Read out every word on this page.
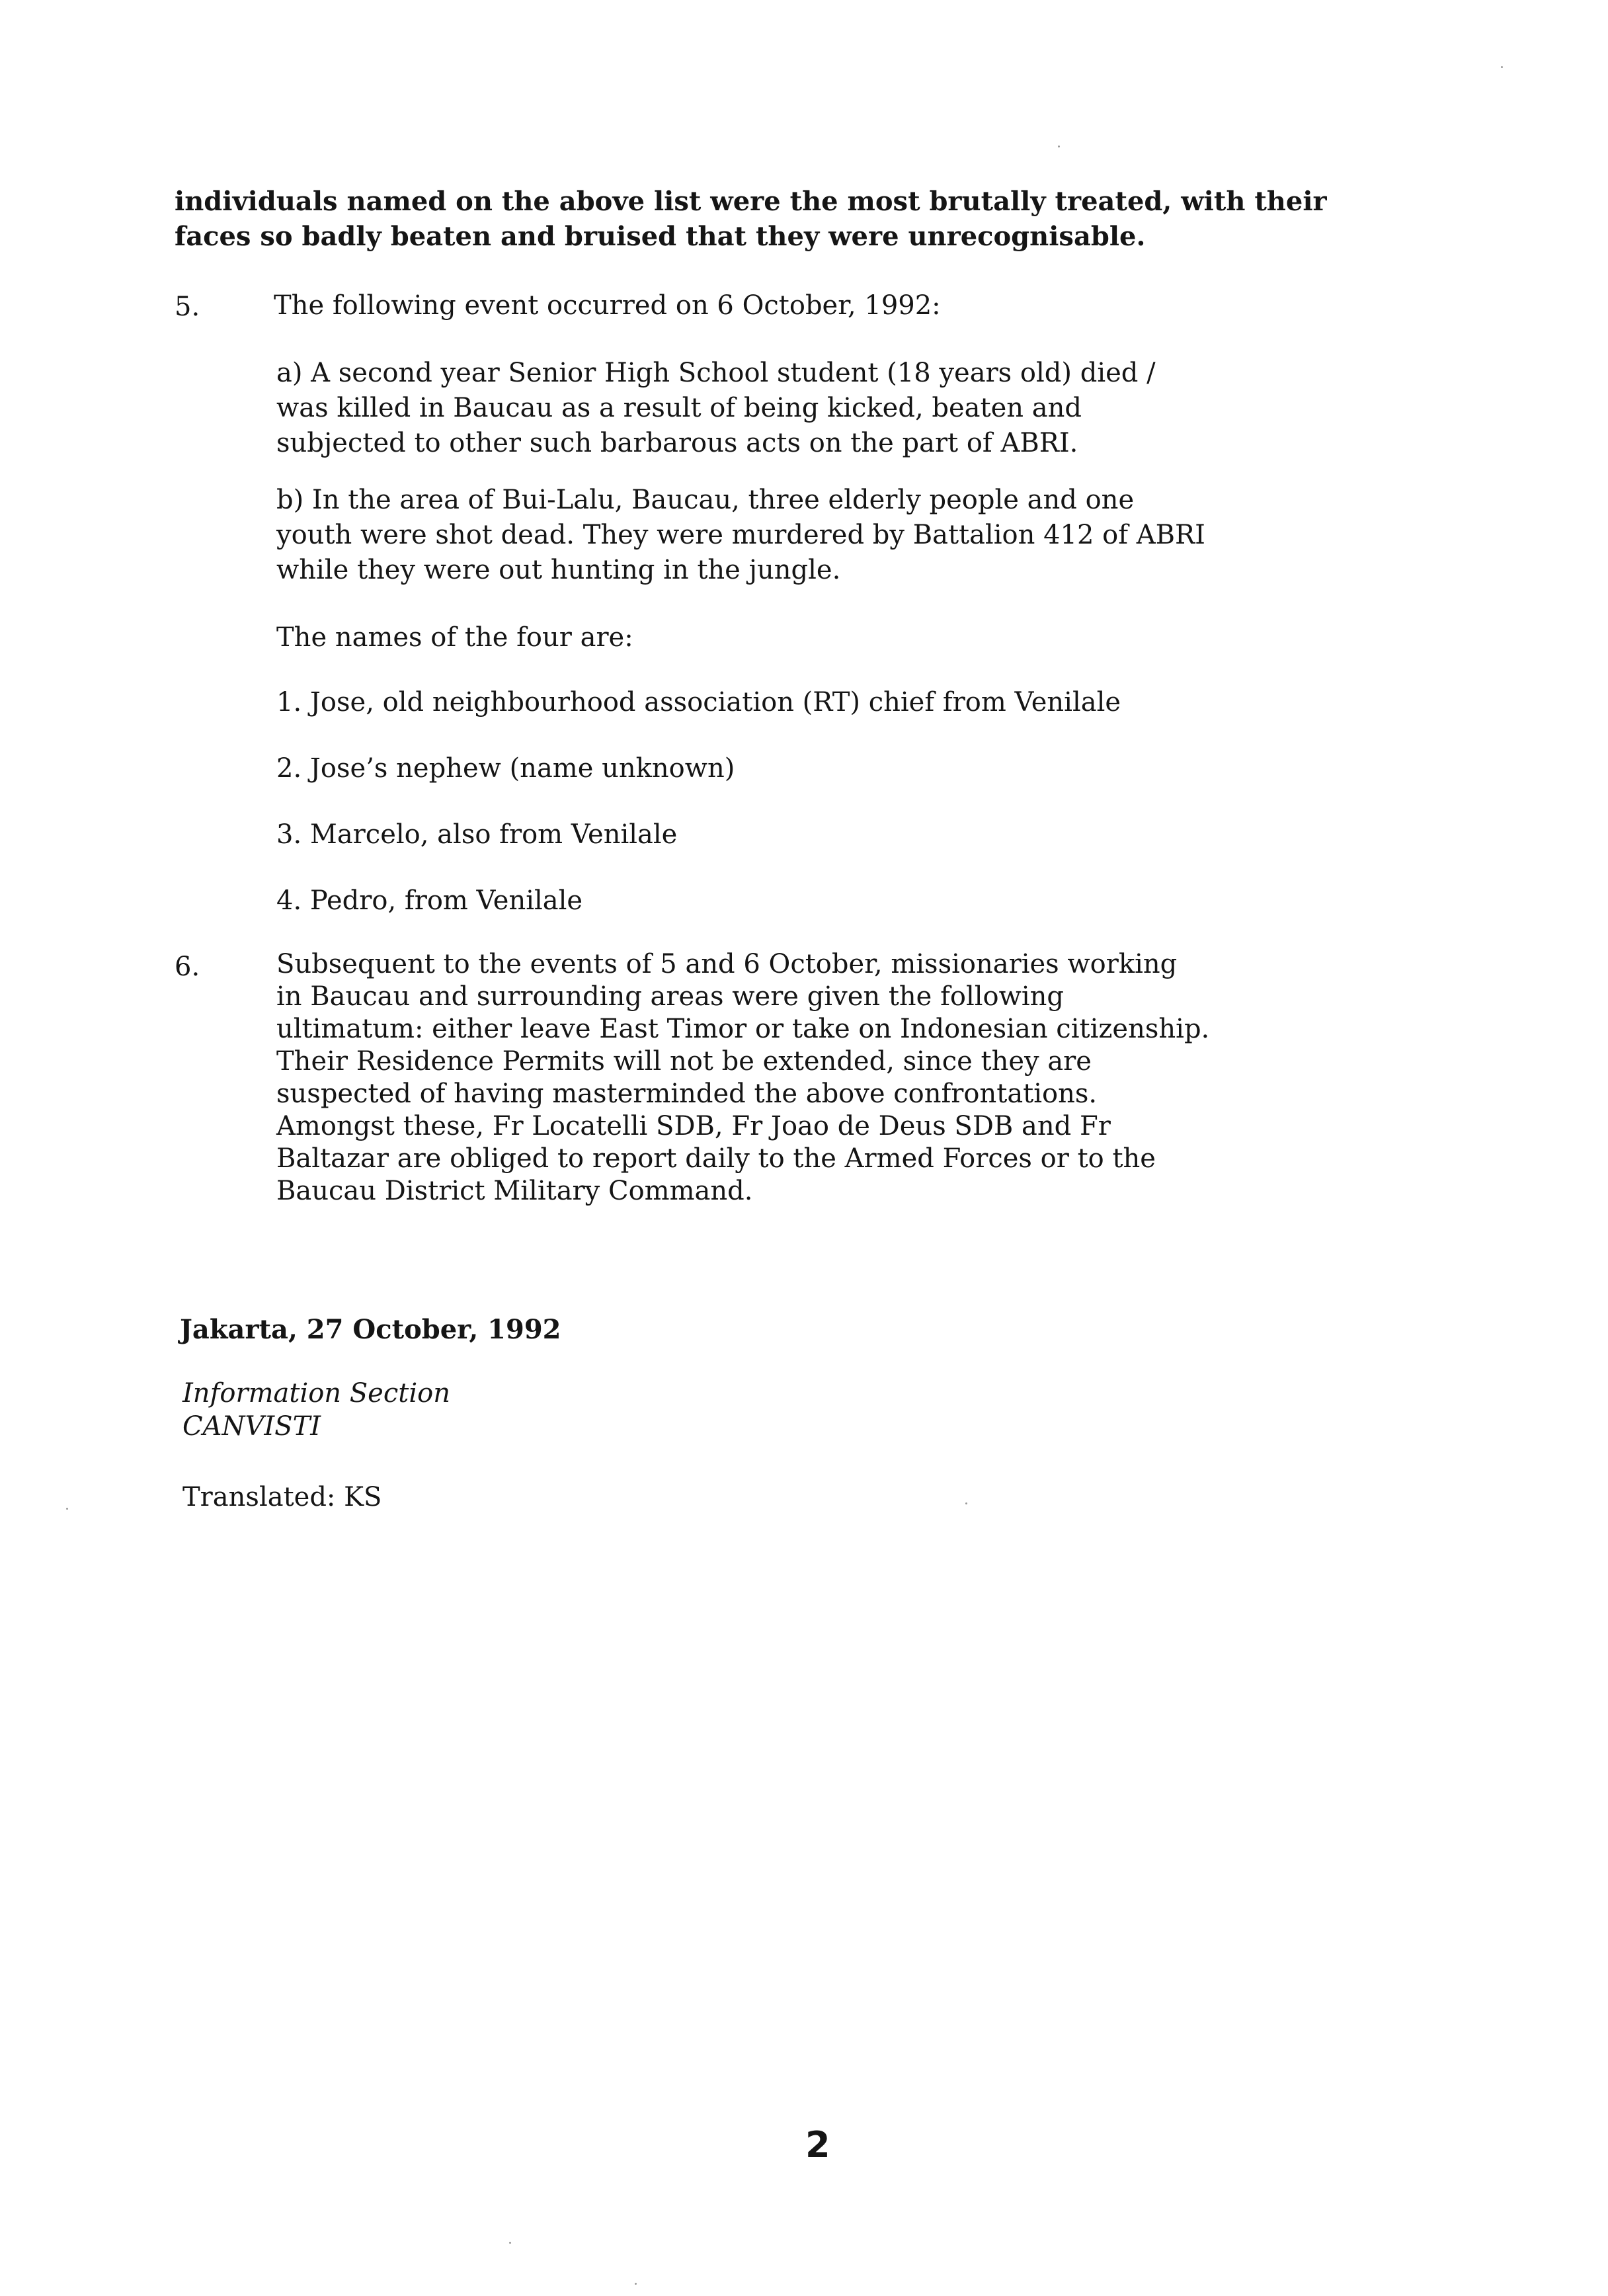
individuals named on the above list were the most brutally treated, with their
faces so badly beaten and bruised that they were unrecognisable.

5.	The following event occurred on 6 October, 1992:

a) A second year Senior High School student (18 years old) died /
was killed in Baucau as a result of being kicked, beaten and
subjected to other such barbarous acts on the part of ABRI.

b) In the area of Bui-Lalu, Baucau, three elderly people and one
youth were shot dead. They were murdered by Battalion 412 of ABRI
while they were out hunting in the jungle.

The names of the four are:

1. Jose, old neighbourhood association (RT) chief from Venilale

2. Jose’s nephew (name unknown)

3. Marcelo, also from Venilale

4. Pedro, from Venilale

6.	Subsequent to the events of 5 and 6 October, missionaries working
in Baucau and surrounding areas were given the following
ultimatum: either leave East Timor or take on Indonesian citizenship.
Their Residence Permits will not be extended, since they are
suspected of having masterminded the above confrontations.
Amongst these, Fr Locatelli SDB, Fr Joao de Deus SDB and Fr
Baltazar are obliged to report daily to the Armed Forces or to the
Baucau District Military Command.

Jakarta, 27 October, 1992

Information Section
CANVISTI

Translated: KS

2
